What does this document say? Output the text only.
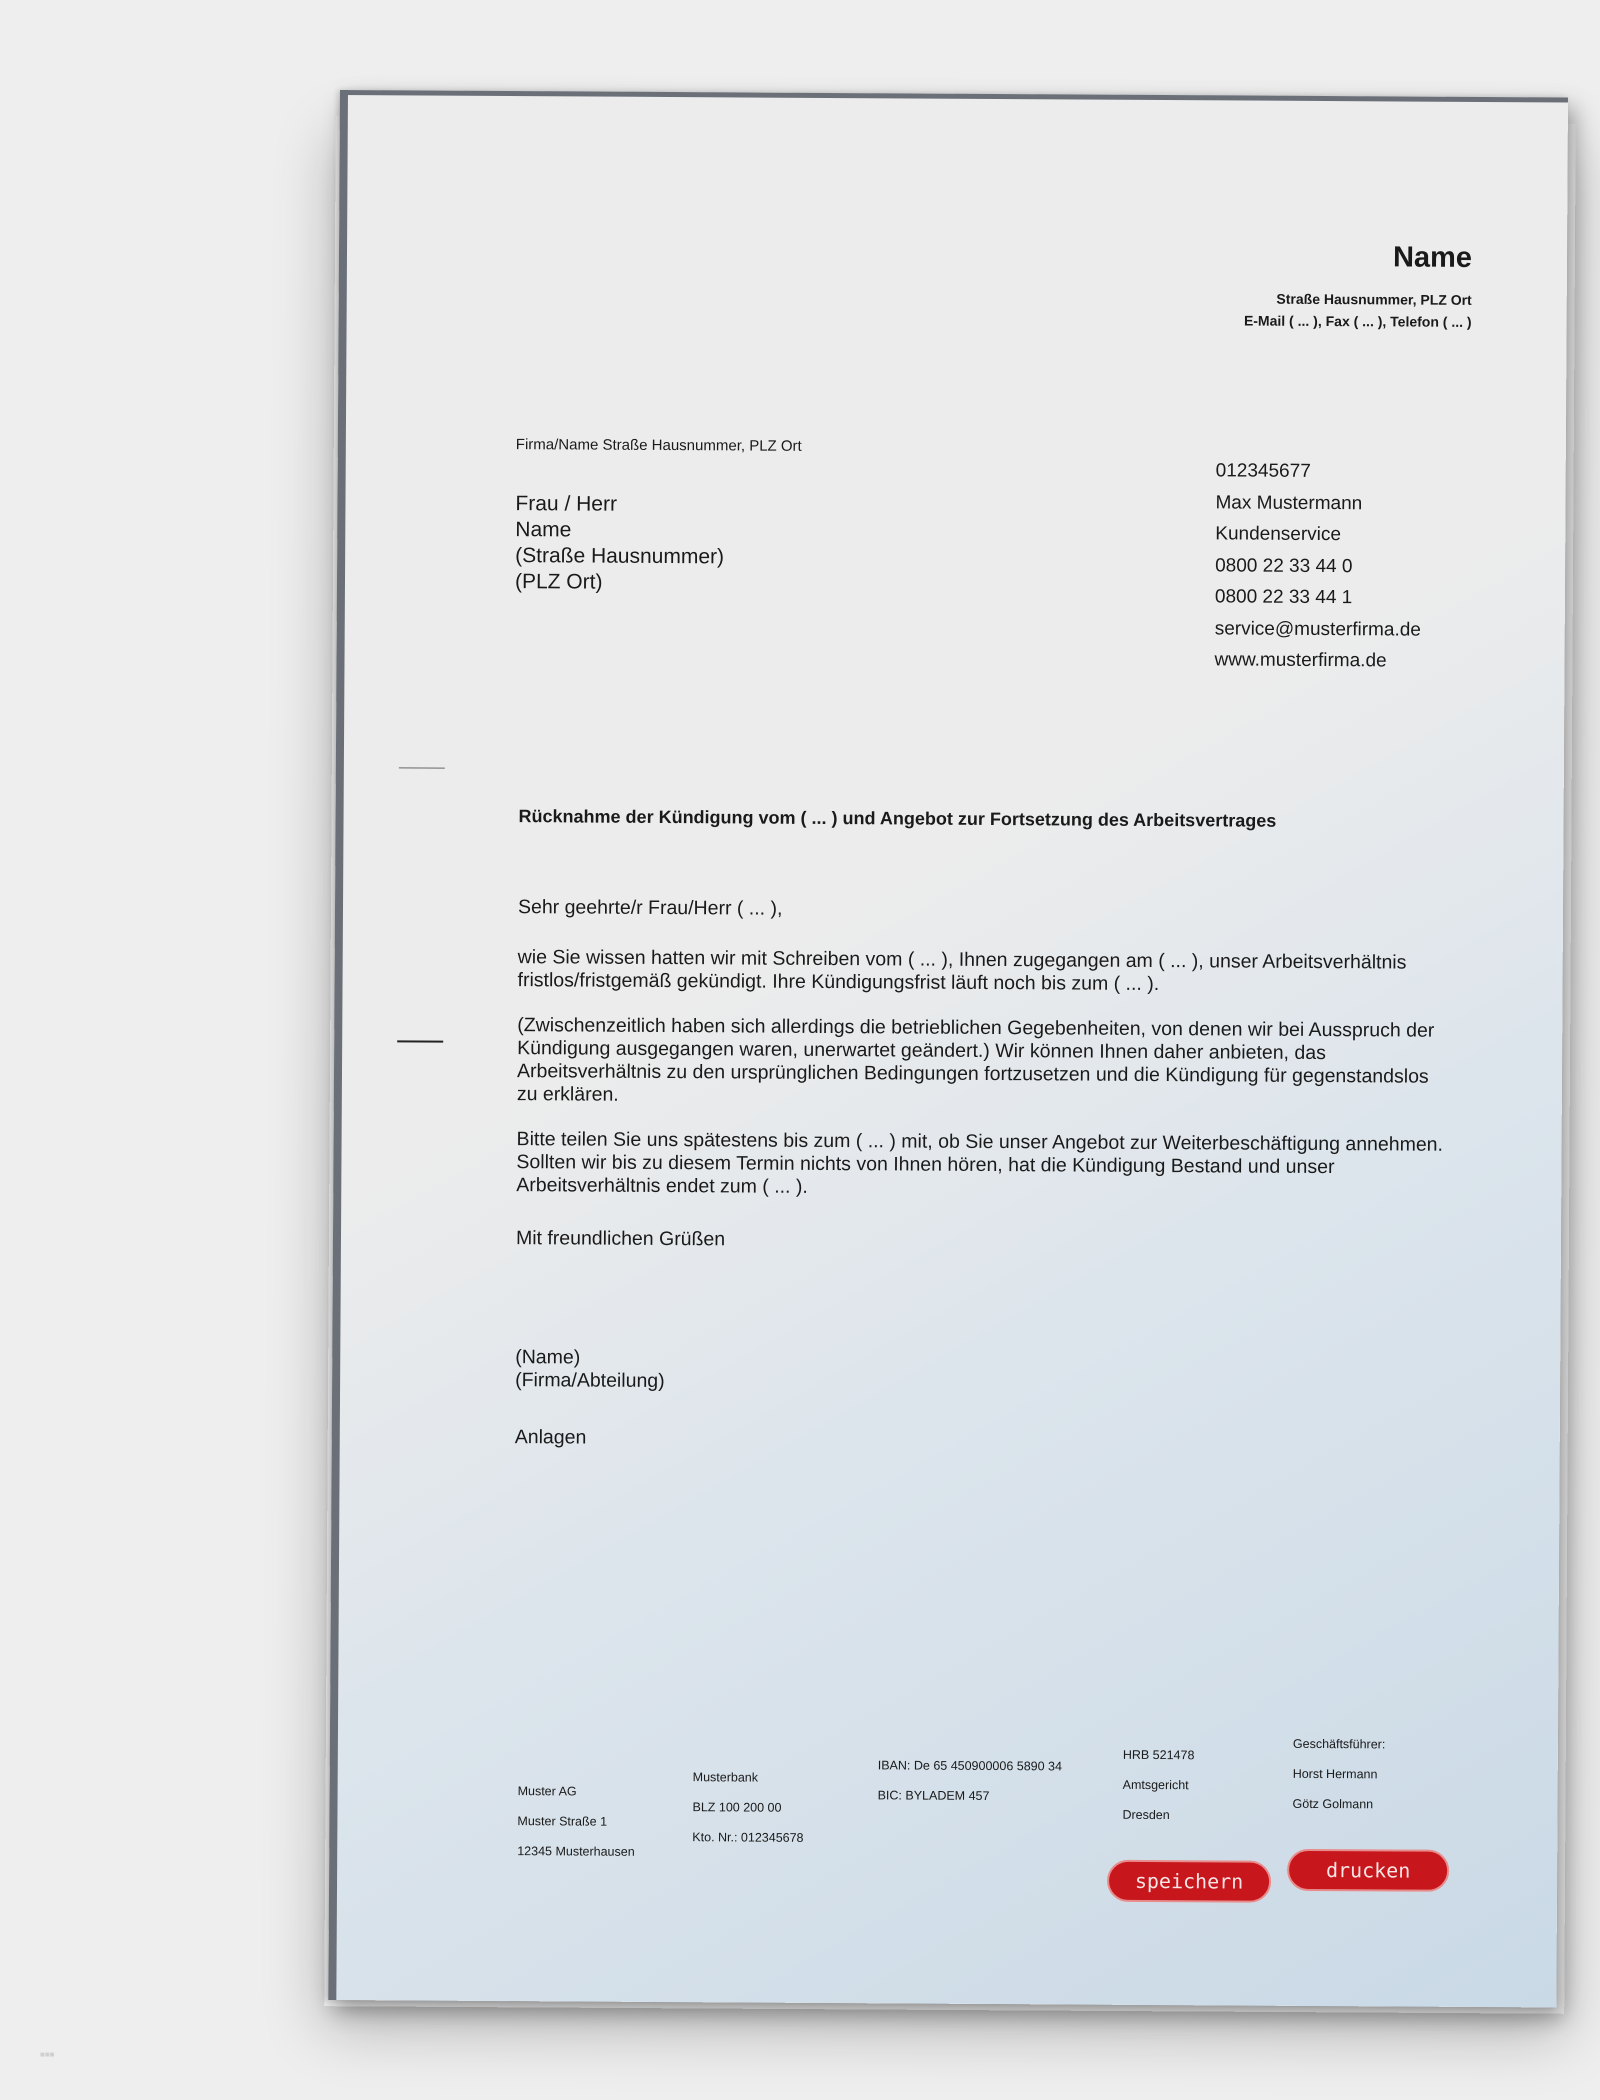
Name
Straße Hausnummer, PLZ Ort
E-Mail ( ... ), Fax ( ... ), Telefon ( ... )
Firma/Name Straße Hausnummer, PLZ Ort
Frau / Herr
Name
(Straße Hausnummer)
(PLZ Ort)
012345677
Max Mustermann
Kundenservice
0800 22 33 44 0
0800 22 33 44 1
service@musterfirma.de
www.musterfirma.de
Rücknahme der Kündigung vom ( ... ) und Angebot zur Fortsetzung des Arbeitsvertrages
Sehr geehrte/r Frau/Herr ( ... ),

wie Sie wissen hatten wir mit Schreiben vom ( ... ), Ihnen zugegangen am ( ... ), unser Arbeitsverhältnis fristlos/fristgemäß gekündigt. Ihre Kündigungsfrist läuft noch bis zum ( ... ).

(Zwischenzeitlich haben sich allerdings die betrieblichen Gegebenheiten, von denen wir bei Ausspruch der Kündigung ausgegangen waren, unerwartet geändert.) Wir können Ihnen daher anbieten, das Arbeitsverhältnis zu den ursprünglichen Bedingungen fortzusetzen und die Kündigung für gegenstandslos zu erklären.

Bitte teilen Sie uns spätestens bis zum ( ... ) mit, ob Sie unser Angebot zur Weiterbeschäftigung annehmen. Sollten wir bis zu diesem Termin nichts von Ihnen hören, hat die Kündigung Bestand und unser Arbeitsverhältnis endet zum ( ... ).

Mit freundlichen Grüßen

(Name)
(Firma/Abteilung)
Anlagen
Muster AG
Muster Straße 1
12345 Musterhausen
Musterbank
BLZ 100 200 00
Kto. Nr.: 012345678
IBAN: De 65 450900006 5890 34
BIC: BYLADEM 457
HRB 521478
Amtsgericht
Dresden
Geschäftsführer:
Horst Hermann
Götz Golmann
speichern	drucken
■■■
